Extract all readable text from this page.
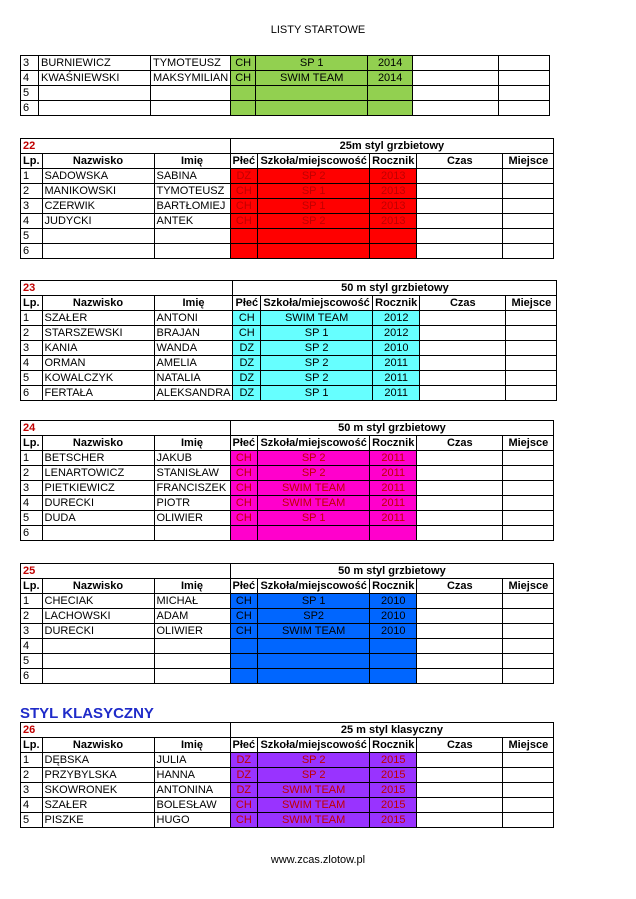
LISTY STARTOWE
STYL KLASYCZNY
3	BURNIEWICZ	TYMOTEUSZ	CH	SP 1	2014		
4	KWAŚNIEWSKI	MAKSYMILIAN	CH	SWIM TEAM	2014		
5							
6							
22			25m styl grzbietowy				
Lp.	Nazwisko	Imię	Płeć	Szkoła/miejscowość	Rocznik	Czas	Miejsce
1	SADOWSKA	SABINA	DZ	SP 2	2013		
2	MANIKOWSKI	TYMOTEUSZ	CH	SP 1	2013		
3	CZERWIK	BARTŁOMIEJ	CH	SP 1	2013		
4	JUDYCKI	ANTEK	CH	SP 2	2013		
5							
6							
23			50 m styl grzbietowy				
Lp.	Nazwisko	Imię	Płeć	Szkoła/miejscowość	Rocznik	Czas	Miejsce
1	SZAŁER	ANTONI	CH	SWIM TEAM	2012		
2	STARSZEWSKI	BRAJAN	CH	SP 1	2012		
3	KANIA	WANDA	DZ	SP 2	2010		
4	ORMAN	AMELIA	DZ	SP 2	2011		
5	KOWALCZYK	NATALIA	DZ	SP 2	2011		
6	FERTAŁA	ALEKSANDRA	DZ	SP 1	2011		
24			50 m styl grzbietowy				
Lp.	Nazwisko	Imię	Płeć	Szkoła/miejscowość	Rocznik	Czas	Miejsce
1	BETSCHER	JAKUB	CH	SP 2	2011		
2	LENARTOWICZ	STANISŁAW	CH	SP 2	2011		
3	PIETKIEWICZ	FRANCISZEK	CH	SWIM TEAM	2011		
4	DURECKI	PIOTR	CH	SWIM TEAM	2011		
5	DUDA	OLIWIER	CH	SP 1	2011		
6							
25			50 m styl grzbietowy				
Lp.	Nazwisko	Imię	Płeć	Szkoła/miejscowość	Rocznik	Czas	Miejsce
1	CHECIAK	MICHAŁ	CH	SP 1	2010		
2	LACHOWSKI	ADAM	CH	SP2	2010		
3	DURECKI	OLIWIER	CH	SWIM TEAM	2010		
4							
5							
6							
26			25 m styl klasyczny				
Lp.	Nazwisko	Imię	Płeć	Szkoła/miejscowość	Rocznik	Czas	Miejsce
1	DĘBSKA	JULIA	DZ	SP 2	2015		
2	PRZYBYLSKA	HANNA	DZ	SP 2	2015		
3	SKOWRONEK	ANTONINA	DZ	SWIM TEAM	2015		
4	SZAŁER	BOLESŁAW	CH	SWIM TEAM	2015		
5	PISZKE	HUGO	CH	SWIM TEAM	2015		
www.zcas.zlotow.pl
